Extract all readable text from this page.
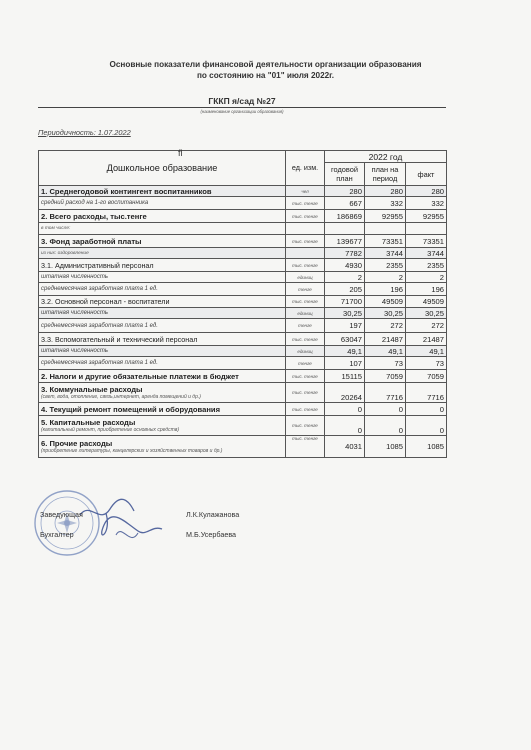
Основные показатели финансовой деятельности организации образования
по состоянию на "01" июля 2022г.
ГККП я/сад №27
(наименование организации образования)
Периодичность: 1.07.2022
Дошкольное образование	ед. изм.	2022 год		
		годовой план	план на период	факт
1. Среднегодовой контингент воспитанников	чел	280	280	280
средний расход на 1-го воспитанника	тыс. тенге	667	332	332
2. Всего расходы, тыс.тенге	тыс. тенге	186869	92955	92955
в том числе:				
3. Фонд заработной платы	тыс. тенге	139677	73351	73351
из них: оздоровление		7782	3744	3744
3.1. Административный персонал	тыс. тенге	4930	2355	2355
штатная численность	единиц	2	2	2
среднемесячная заработная плата 1 ед.	тенге	205	196	196
3.2. Основной персонал - воспитатели	тыс. тенге	71700	49509	49509
штатная численность	единиц	30,25	30,25	30,25
среднемесячная заработная плата 1 ед.	тенге	197	272	272
3.3. Вспомогательный и технический персонал	тыс. тенге	63047	21487	21487
штатная численность	единиц	49,1	49,1	49,1
среднемесячная заработная плата 1 ед.	тенге	107	73	73
2. Налоги и другие обязательные платежи в бюджет	тыс. тенге	15115	7059	7059
3. Коммунальные расходы
(свет, вода, отопление, связь,интернет, аренда помещений и др.)	тыс. тенге	20264	7716	7716
4. Текущий ремонт помещений и оборудования	тыс. тенге	0	0	0
5. Капитальные расходы
(капитальный ремонт, приобретение основных средств)	тыс. тенге	0	0	0
6. Прочие расходы
(приобретение литературы, канцелярских и хозяйственных товаров и др.)	тыс. тенге	4031	1085	1085
ﬂ
Заведующая	Л.К.Кулажанова
Бухгалтер	М.Б.Усербаева
